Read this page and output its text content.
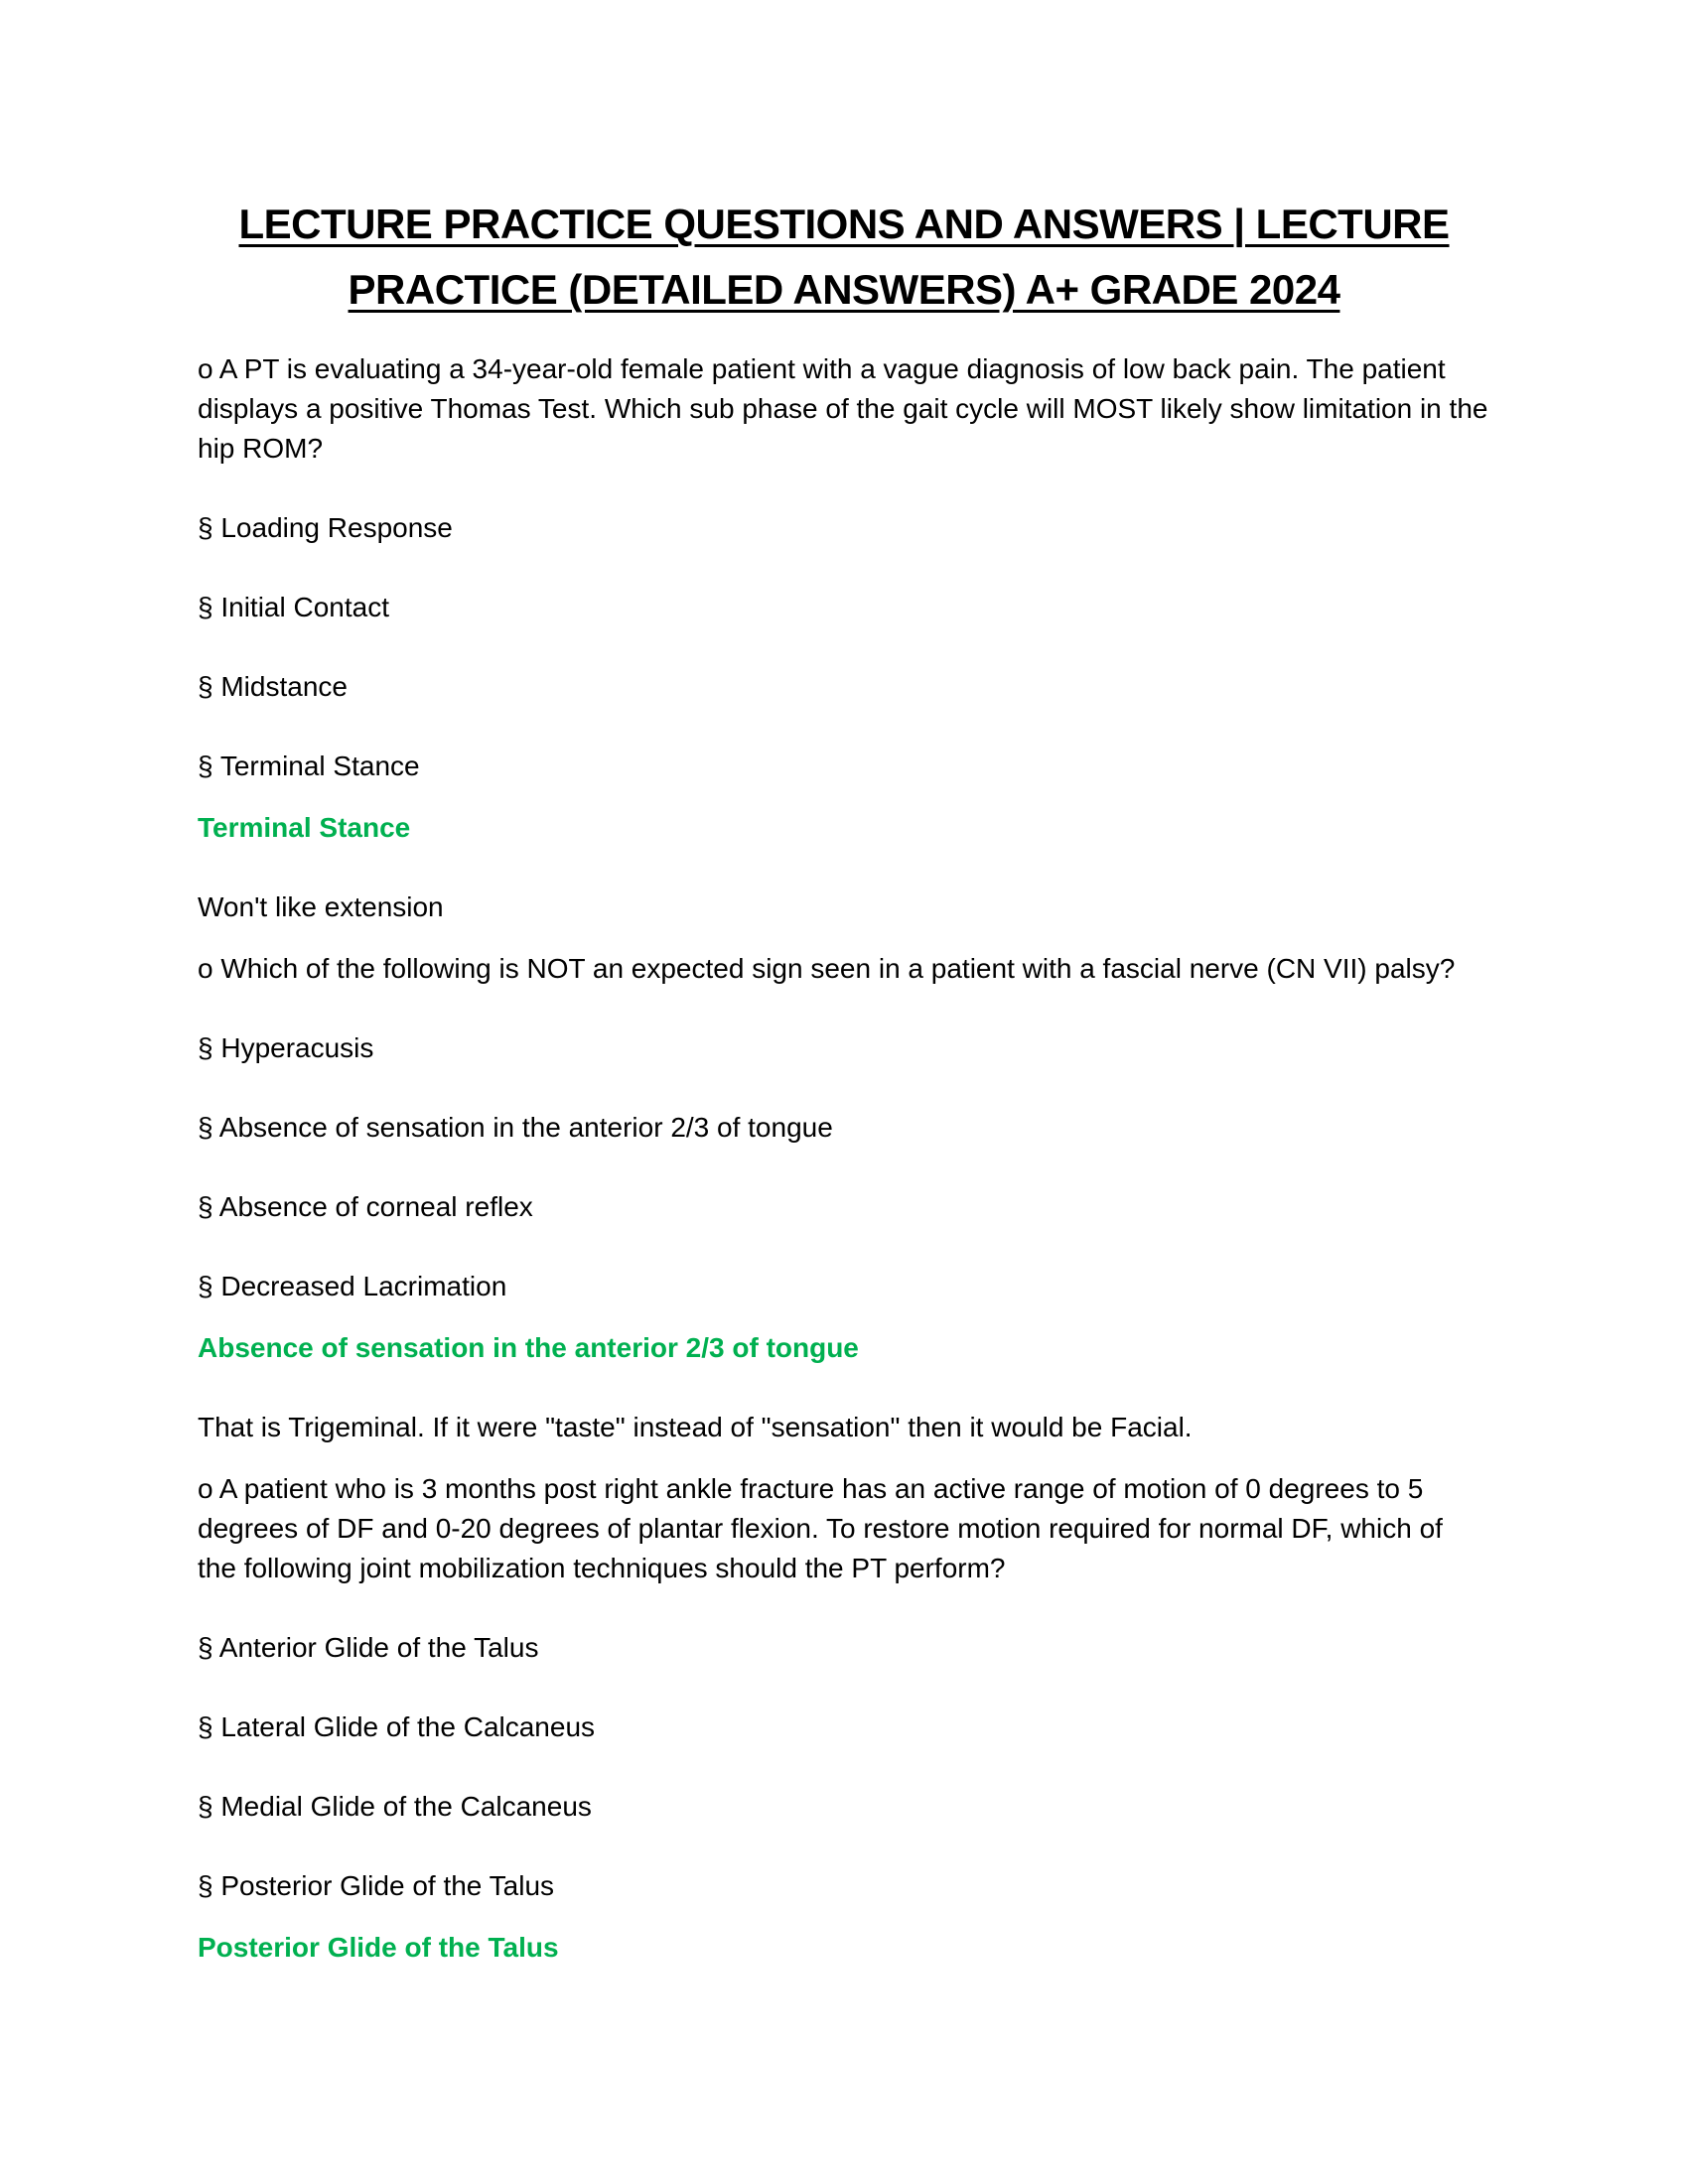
LECTURE PRACTICE QUESTIONS AND ANSWERS | LECTURE
PRACTICE (DETAILED ANSWERS) A+ GRADE 2024
o A PT is evaluating a 34-year-old female patient with a vague diagnosis of low back pain. The patient
displays a positive Thomas Test. Which sub phase of the gait cycle will MOST likely show limitation in the
hip ROM?
§ Loading Response
§ Initial Contact
§ Midstance
§ Terminal Stance
Terminal Stance
Won't like extension
o Which of the following is NOT an expected sign seen in a patient with a fascial nerve (CN VII) palsy?
§ Hyperacusis
§ Absence of sensation in the anterior 2/3 of tongue
§ Absence of corneal reflex
§ Decreased Lacrimation
Absence of sensation in the anterior 2/3 of tongue
That is Trigeminal. If it were "taste" instead of "sensation" then it would be Facial.
o A patient who is 3 months post right ankle fracture has an active range of motion of 0 degrees to 5
degrees of DF and 0-20 degrees of plantar flexion. To restore motion required for normal DF, which of
the following joint mobilization techniques should the PT perform?
§ Anterior Glide of the Talus
§ Lateral Glide of the Calcaneus
§ Medial Glide of the Calcaneus
§ Posterior Glide of the Talus
Posterior Glide of the Talus
